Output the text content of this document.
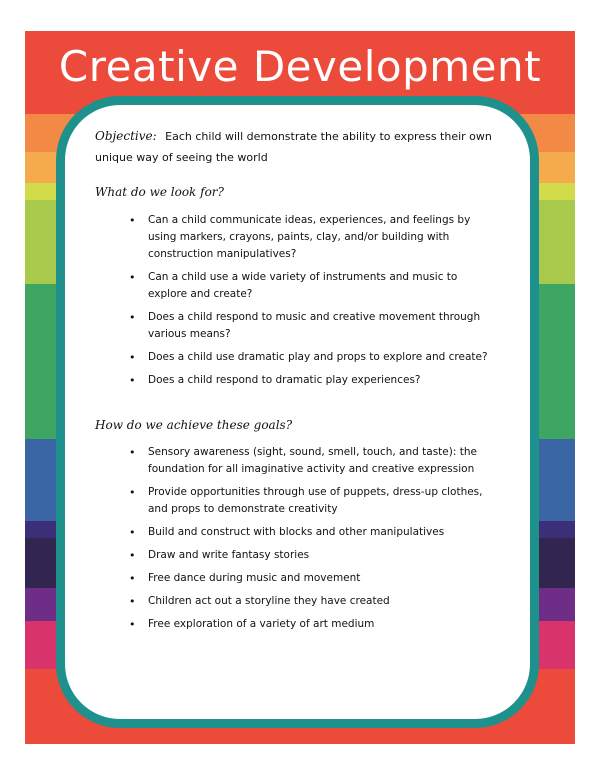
Creative Development
Objective: Each child will demonstrate the ability to express their own unique way of seeing the world
What do we look for?
• Can a child communicate ideas, experiences, and feelings by using markers, crayons, paints, clay, and/or building with construction manipulatives?
• Can a child use a wide variety of instruments and music to explore and create?
• Does a child respond to music and creative movement through various means?
• Does a child use dramatic play and props to explore and create?
• Does a child respond to dramatic play experiences?
How do we achieve these goals?
• Sensory awareness (sight, sound, smell, touch, and taste): the foundation for all imaginative activity and creative expression
• Provide opportunities through use of puppets, dress-up clothes, and props to demonstrate creativity
• Build and construct with blocks and other manipulatives
• Draw and write fantasy stories
• Free dance during music and movement
• Children act out a storyline they have created
• Free exploration of a variety of art medium
